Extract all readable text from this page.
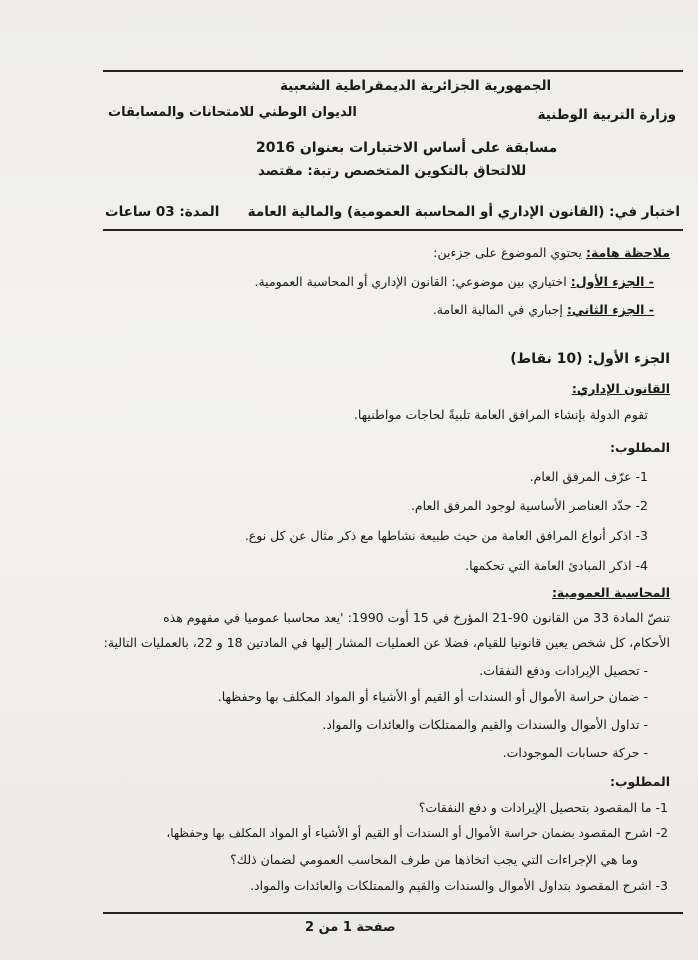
‏‏‏ ‏‏‏ ‏‏‏‏‏
الجمهورية الجزائرية الديمقراطية الشعبية
وزارة التربية الوطنية
الديوان الوطني للامتحانات والمسابقات
مسابقة على أساس الاختبارات بعنوان 2016
للالتحاق بالتكوين المتخصص رتبة: مقتصد
اختبار في: (القانون الإداري أو المحاسبة العمومية) والمالية العامة
المدة: 03 ساعات
ملاحظة هامة: يحتوي الموضوع على جزءين:
- الجزء الأول: اختياري بين موضوعي: القانون الإداري أو المحاسبة العمومية.
- الجزء الثاني: إجباري في المالية العامة.
الجزء الأول: (10 نقاط)
القانون الإداري:
تقوم الدولة بإنشاء المرافق العامة تلبيةً لحاجات مواطنيها.
المطلوب:
1- عرّف المرفق العام.
2- حدّد العناصر الأساسية لوجود المرفق العام.
3- اذكر أنواع المرافق العامة من حيث طبيعة نشاطها مع ذكر مثال عن كل نوع.
4- اذكر المبادئ العامة التي تحكمها.
المحاسبة العمومية:
تنصّ المادة 33 من القانون 90-21 المؤرخ في 15 أوت 1990: 'يعد محاسبا عموميا في مفهوم هذه
الأحكام، كل شخص يعين قانونيا للقيام، فضلا عن العمليات المشار إليها في المادتين 18 و 22، بالعمليات التالية:
- تحصيل الإيرادات ودفع النفقات.
- ضمان حراسة الأموال أو السندات أو القيم أو الأشياء أو المواد المكلف بها وحفظها.
- تداول الأموال والسندات والقيم والممتلكات والعائدات والمواد.
- حركة حسابات الموجودات.
المطلوب:
1- ما المقصود بتحصيل الإيرادات و دفع النفقات؟
2- اشرح المقصود بضمان حراسة الأموال أو السندات أو القيم أو الأشياء أو المواد المكلف بها وحفظها،
وما هي الإجراءات التي يجب اتخاذها من طرف المحاسب العمومي لضمان ذلك؟
3- اشرح المقصود بتداول الأموال والسندات والقيم والممتلكات والعائدات والمواد.
صفحة 1 من 2
